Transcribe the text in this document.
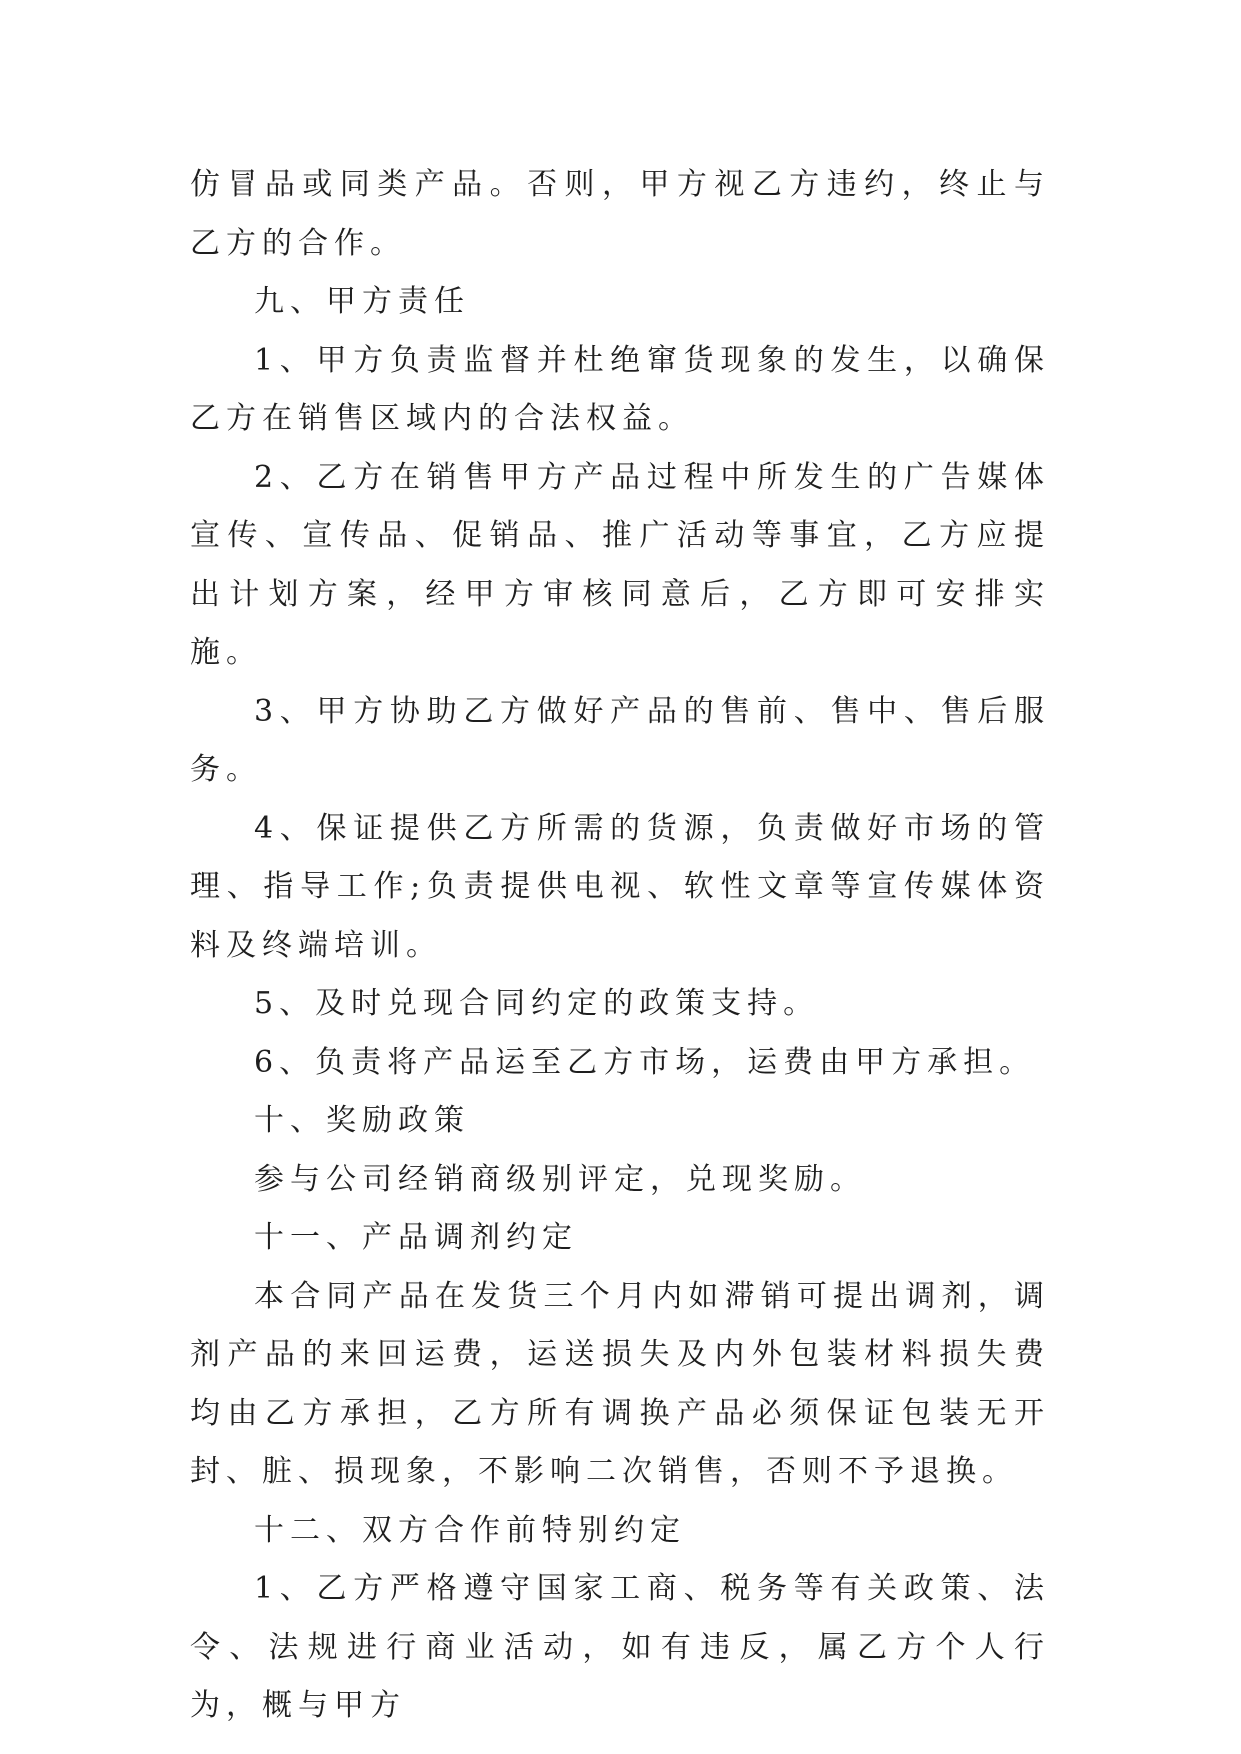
仿冒品或同类产品。否则，甲方视乙方违约，终止与乙方的合作。

九、甲方责任

1、甲方负责监督并杜绝窜货现象的发生，以确保乙方在销售区域内的合法权益。

2、乙方在销售甲方产品过程中所发生的广告媒体宣传、宣传品、促销品、推广活动等事宜，乙方应提出计划方案，经甲方审核同意后，乙方即可安排实施。

3、甲方协助乙方做好产品的售前、售中、售后服务。

4、保证提供乙方所需的货源，负责做好市场的管理、指导工作;负责提供电视、软性文章等宣传媒体资料及终端培训。

5、及时兑现合同约定的政策支持。

6、负责将产品运至乙方市场，运费由甲方承担。

十、奖励政策

参与公司经销商级别评定，兑现奖励。

十一、产品调剂约定

本合同产品在发货三个月内如滞销可提出调剂，调剂产品的来回运费，运送损失及内外包装材料损失费均由乙方承担，乙方所有调换产品必须保证包装无开封、脏、损现象，不影响二次销售，否则不予退换。

十二、双方合作前特别约定

1、乙方严格遵守国家工商、税务等有关政策、法令、法规进行商业活动，如有违反，属乙方个人行为，概与甲方
